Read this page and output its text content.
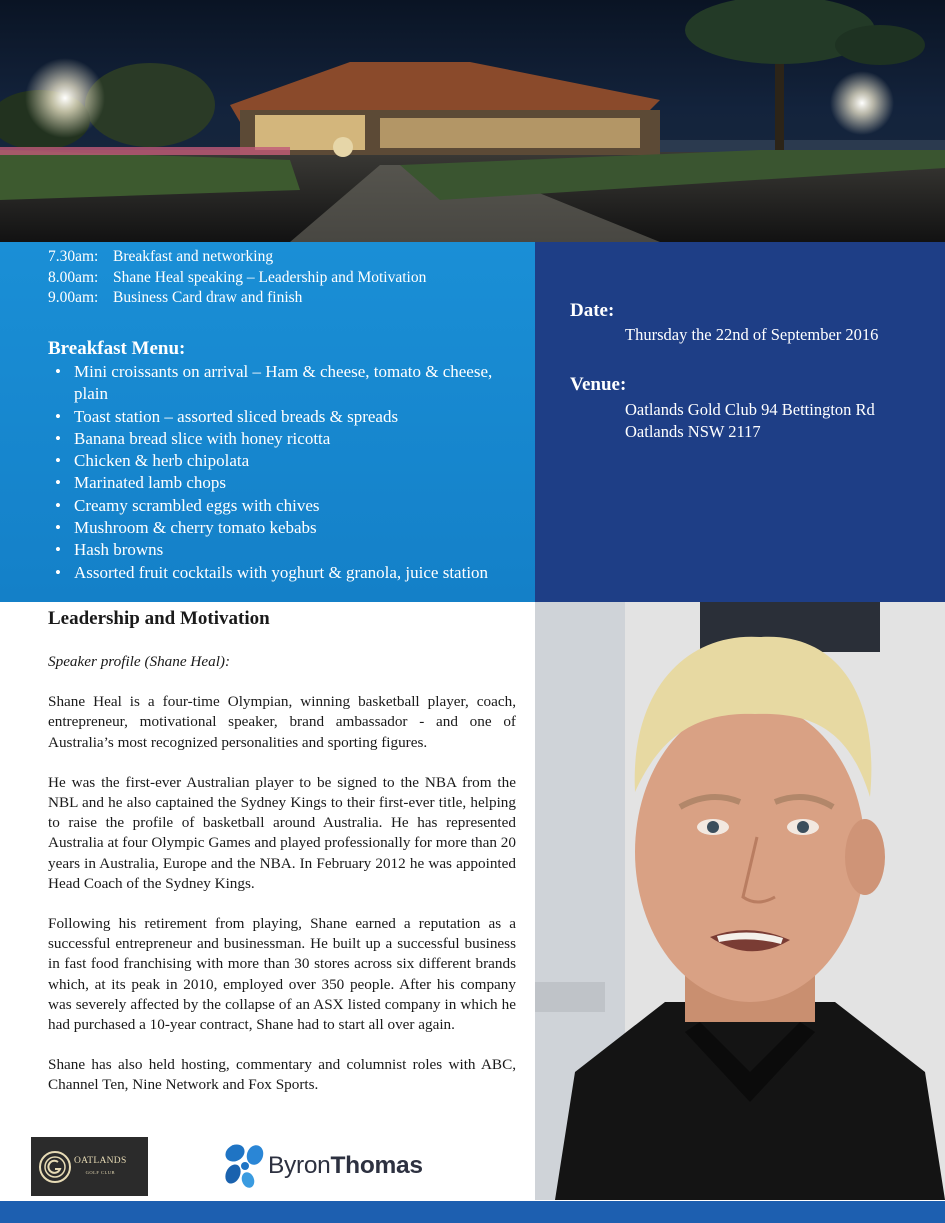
7.30am: Breakfast and networking
8.00am: Shane Heal speaking – Leadership and Motivation
9.00am: Business Card draw and finish
Breakfast Menu:
• Mini croissants on arrival – Ham & cheese, tomato & cheese, plain
• Toast station – assorted sliced breads & spreads
• Banana bread slice with honey ricotta
• Chicken & herb chipolata
• Marinated lamb chops
• Creamy scrambled eggs with chives
• Mushroom & cherry tomato kebabs
• Hash browns
• Assorted fruit cocktails with yoghurt & granola, juice station
Date:
Thursday the 22nd of September 2016
Venue:
Oatlands Gold Club 94 Bettington Rd
Oatlands NSW 2117
Leadership and Motivation
Speaker profile (Shane Heal):

Shane Heal is a four-time Olympian, winning basketball player, coach, entrepreneur, motivational speaker, brand ambassador - and one of Australia’s most recognized personalities and sporting figures.

He was the first-ever Australian player to be signed to the NBA from the NBL and he also captained the Sydney Kings to their first-ever title, helping to raise the profile of basketball around Australia. He has represented Australia at four Olympic Games and played professionally for more than 20 years in Australia, Europe and the NBA. In February 2012 he was appointed Head Coach of the Sydney Kings.

Following his retirement from playing, Shane earned a reputation as a successful entrepreneur and businessman. He built up a successful business in fast food franchising with more than 30 stores across six different brands which, at its peak in 2010, employed over 350 people. After his company was severely affected by the collapse of an ASX listed company in which he had purchased a 10-year contract, Shane had to start all over again.

Shane has also held hosting, commentary and columnist roles with ABC, Channel Ten, Nine Network and Fox Sports.

OATLANDS
GOLF CLUB	ByronThomas
